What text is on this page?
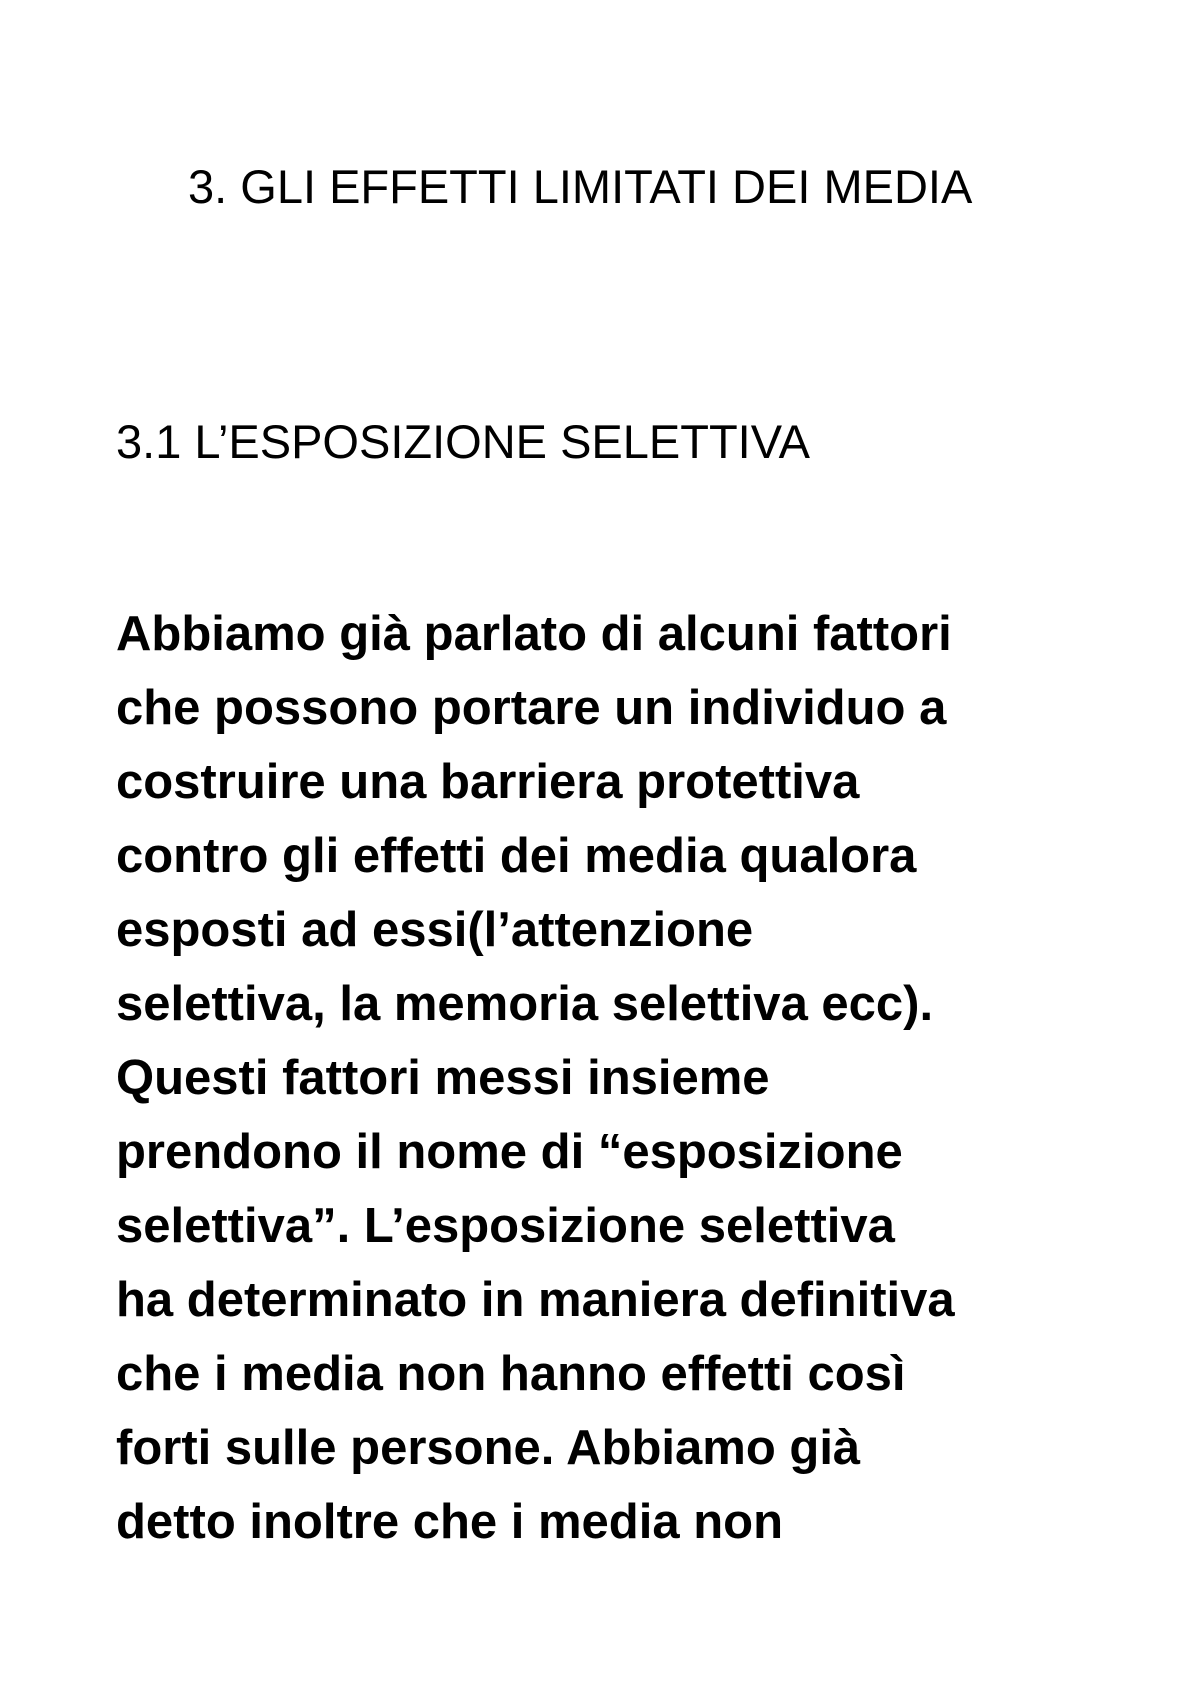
3. GLI EFFETTI LIMITATI DEI MEDIA
3.1 L’ESPOSIZIONE SELETTIVA
Abbiamo già parlato di alcuni fattori
che possono portare un individuo a
costruire una barriera protettiva
contro gli effetti dei media qualora
esposti ad essi(l’attenzione
selettiva, la memoria selettiva ecc).
Questi fattori messi insieme
prendono il nome di “esposizione
selettiva”. L’esposizione selettiva
ha determinato in maniera definitiva
che i media non hanno effetti così
forti sulle persone. Abbiamo già
detto inoltre che i media non
